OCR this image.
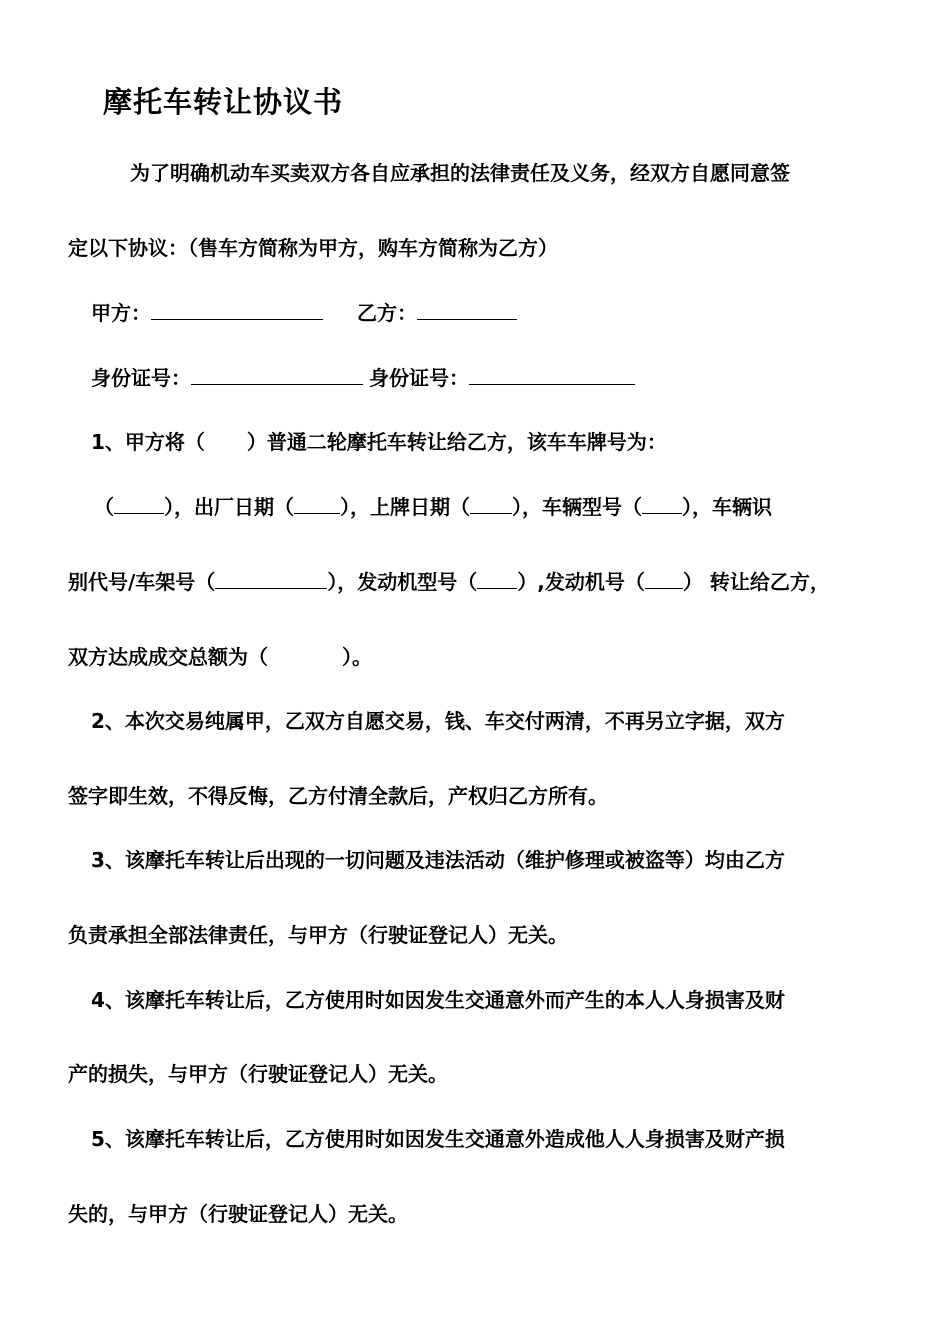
摩托车转让协议书
为了明确机动车买卖双方各自应承担的法律责任及义务，经双方自愿同意签
定以下协议：（售车方简称为甲方，购车方简称为乙方）
甲方：	乙方：
身份证号：	身份证号：
1、甲方将（ ）普通二轮摩托车转让给乙方，该车车牌号为：
（	），出厂日期（ ），上牌日期（ ），车辆型号（ ），车辆识
别代号/车架号（	），发动机型号（ ）,发动机号（ ） 转让给乙方，
双方达成成交总额为（	）。
2、本次交易纯属甲，乙双方自愿交易，钱、车交付两清，不再另立字据，双方
签字即生效，不得反悔，乙方付清全款后，产权归乙方所有。
3、该摩托车转让后出现的一切问题及违法活动（维护修理或被盗等）均由乙方
负责承担全部法律责任，与甲方（行驶证登记人）无关。
4、该摩托车转让后，乙方使用时如因发生交通意外而产生的本人人身损害及财
产的损失，与甲方（行驶证登记人）无关。
5、该摩托车转让后，乙方使用时如因发生交通意外造成他人人身损害及财产损
失的，与甲方（行驶证登记人）无关。
